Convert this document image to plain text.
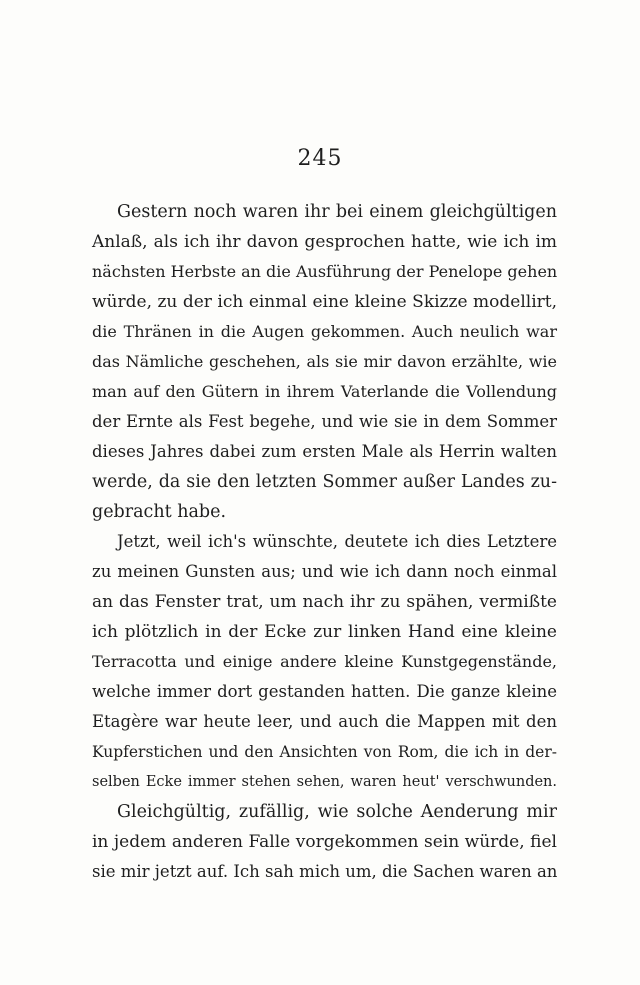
245
Gestern noch waren ihr bei einem gleichgültigen
Anlaß, als ich ihr davon gesprochen hatte, wie ich im
nächsten Herbste an die Ausführung der Penelope gehen
würde, zu der ich einmal eine kleine Skizze modellirt,
die Thränen in die Augen gekommen. Auch neulich war
das Nämliche geschehen, als sie mir davon erzählte, wie
man auf den Gütern in ihrem Vaterlande die Vollendung
der Ernte als Fest begehe, und wie sie in dem Sommer
dieses Jahres dabei zum ersten Male als Herrin walten
werde, da sie den letzten Sommer außer Landes zu-
gebracht habe.
Jetzt, weil ich's wünschte, deutete ich dies Letztere
zu meinen Gunsten aus; und wie ich dann noch einmal
an das Fenster trat, um nach ihr zu spähen, vermißte
ich plötzlich in der Ecke zur linken Hand eine kleine
Terracotta und einige andere kleine Kunstgegenstände,
welche immer dort gestanden hatten. Die ganze kleine
Etagère war heute leer, und auch die Mappen mit den
Kupferstichen und den Ansichten von Rom, die ich in der-
selben Ecke immer stehen sehen, waren heut' verschwunden.
Gleichgültig, zufällig, wie solche Aenderung mir
in jedem anderen Falle vorgekommen sein würde, fiel
sie mir jetzt auf. Ich sah mich um, die Sachen waren an
